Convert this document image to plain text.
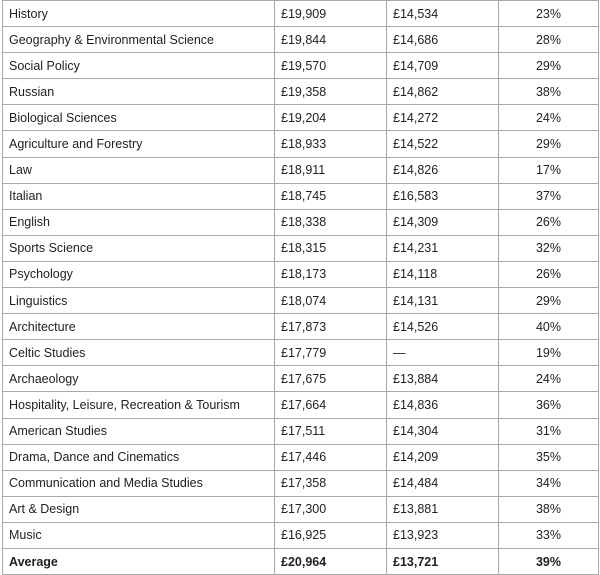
History	£19,909	£14,534	23%
Geography & Environmental Science	£19,844	£14,686	28%
Social Policy	£19,570	£14,709	29%
Russian	£19,358	£14,862	38%
Biological Sciences	£19,204	£14,272	24%
Agriculture and Forestry	£18,933	£14,522	29%
Law	£18,911	£14,826	17%
Italian	£18,745	£16,583	37%
English	£18,338	£14,309	26%
Sports Science	£18,315	£14,231	32%
Psychology	£18,173	£14,118	26%
Linguistics	£18,074	£14,131	29%
Architecture	£17,873	£14,526	40%
Celtic Studies	£17,779	—	19%
Archaeology	£17,675	£13,884	24%
Hospitality, Leisure, Recreation & Tourism	£17,664	£14,836	36%
American Studies	£17,511	£14,304	31%
Drama, Dance and Cinematics	£17,446	£14,209	35%
Communication and Media Studies	£17,358	£14,484	34%
Art & Design	£17,300	£13,881	38%
Music	£16,925	£13,923	33%
Average	£20,964	£13,721	39%
